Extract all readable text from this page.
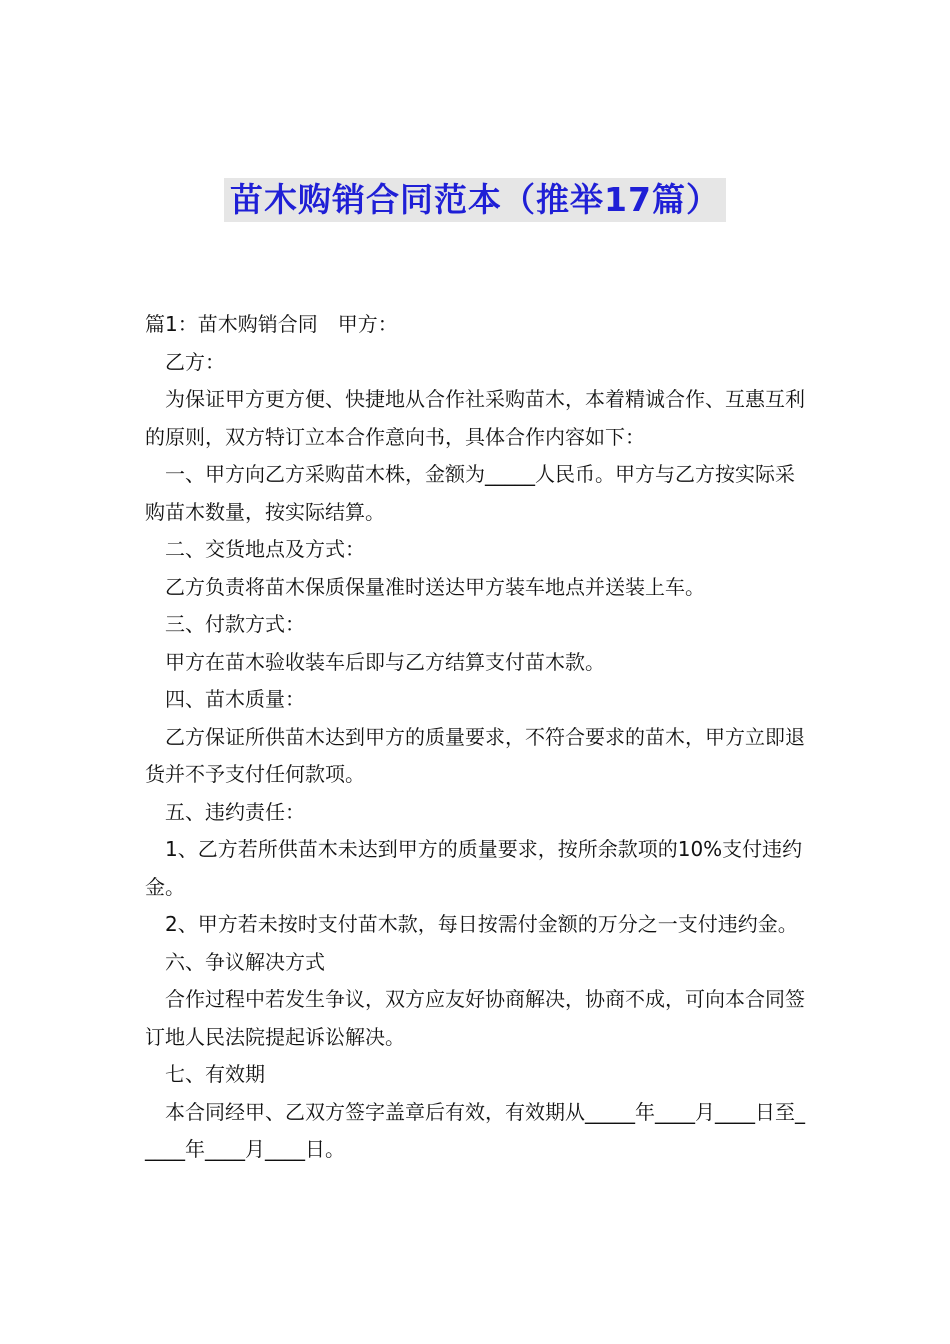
苗木购销合同范本（推举17篇）

篇1：苗木购销合同　甲方：

　乙方：

　为保证甲方更方便、快捷地从合作社采购苗木，本着精诚合作、互惠互利的原则，双方特订立本合作意向书，具体合作内容如下：

　一、甲方向乙方采购苗木株，金额为_____人民币。甲方与乙方按实际采购苗木数量，按实际结算。

　二、交货地点及方式：

　乙方负责将苗木保质保量准时送达甲方装车地点并送装上车。

　三、付款方式：

　甲方在苗木验收装车后即与乙方结算支付苗木款。

　四、苗木质量：

　乙方保证所供苗木达到甲方的质量要求，不符合要求的苗木，甲方立即退货并不予支付任何款项。

　五、违约责任：

　1、乙方若所供苗木未达到甲方的质量要求，按所余款项的10%支付违约金。

　2、甲方若未按时支付苗木款，每日按需付金额的万分之一支付违约金。

　六、争议解决方式

　合作过程中若发生争议，双方应友好协商解决，协商不成，可向本合同签订地人民法院提起诉讼解决。

　七、有效期

　本合同经甲、乙双方签字盖章后有效，有效期从_____年____月____日至_____年____月____日。
